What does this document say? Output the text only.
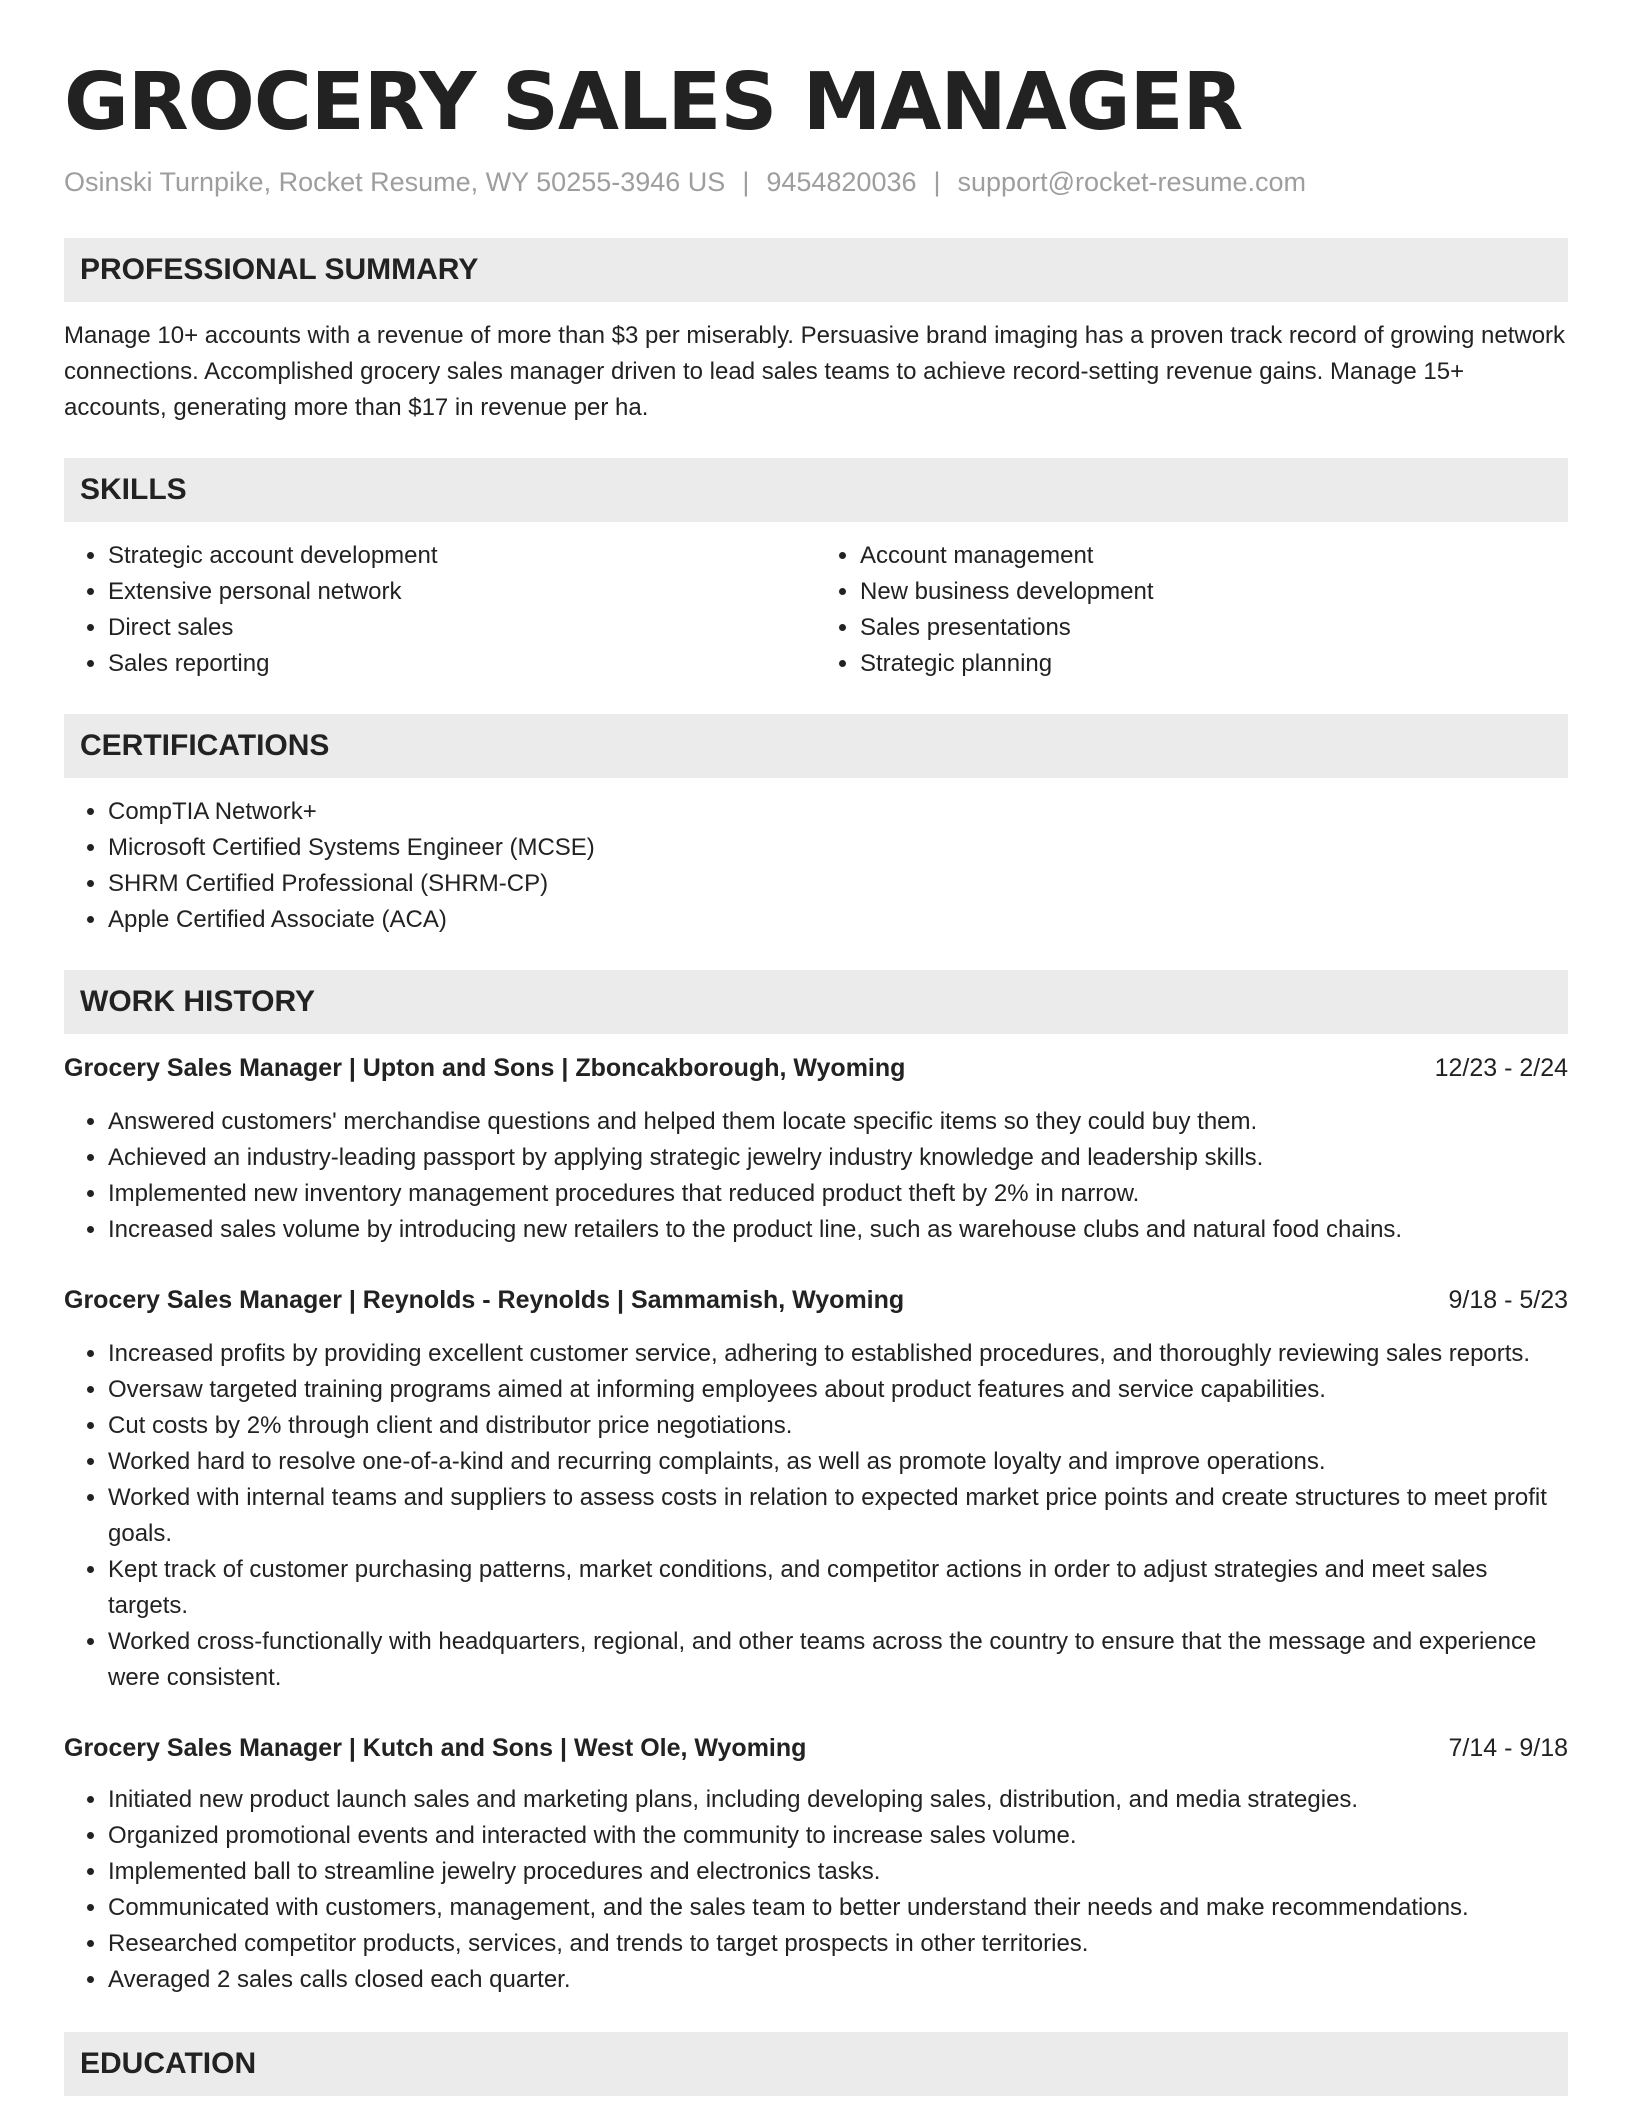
GROCERY SALES MANAGER
Osinski Turnpike, Rocket Resume, WY 50255-3946 US | 9454820036 | support@rocket-resume.com
PROFESSIONAL SUMMARY

Manage 10+ accounts with a revenue of more than $3 per miserably. Persuasive brand imaging has a proven track record of growing network connections. Accomplished grocery sales manager driven to lead sales teams to achieve record-setting revenue gains. Manage 15+ accounts, generating more than $17 in revenue per ha.

SKILLS
• Strategic account development
• Extensive personal network
• Direct sales
• Sales reporting
• Account management
• New business development
• Sales presentations
• Strategic planning
CERTIFICATIONS
• CompTIA Network+
• Microsoft Certified Systems Engineer (MCSE)
• SHRM Certified Professional (SHRM-CP)
• Apple Certified Associate (ACA)
WORK HISTORY
Grocery Sales Manager | Upton and Sons | Zboncakborough, Wyoming	12/23 - 2/24
• Answered customers' merchandise questions and helped them locate specific items so they could buy them.
• Achieved an industry-leading passport by applying strategic jewelry industry knowledge and leadership skills.
• Implemented new inventory management procedures that reduced product theft by 2% in narrow.
• Increased sales volume by introducing new retailers to the product line, such as warehouse clubs and natural food chains.
Grocery Sales Manager | Reynolds - Reynolds | Sammamish, Wyoming	9/18 - 5/23
• Increased profits by providing excellent customer service, adhering to established procedures, and thoroughly reviewing sales reports.
• Oversaw targeted training programs aimed at informing employees about product features and service capabilities.
• Cut costs by 2% through client and distributor price negotiations.
• Worked hard to resolve one-of-a-kind and recurring complaints, as well as promote loyalty and improve operations.
• Worked with internal teams and suppliers to assess costs in relation to expected market price points and create structures to meet profit goals.
• Kept track of customer purchasing patterns, market conditions, and competitor actions in order to adjust strategies and meet sales targets.
• Worked cross-functionally with headquarters, regional, and other teams across the country to ensure that the message and experience were consistent.
Grocery Sales Manager | Kutch and Sons | West Ole, Wyoming	7/14 - 9/18
• Initiated new product launch sales and marketing plans, including developing sales, distribution, and media strategies.
• Organized promotional events and interacted with the community to increase sales volume.
• Implemented ball to streamline jewelry procedures and electronics tasks.
• Communicated with customers, management, and the sales team to better understand their needs and make recommendations.
• Researched competitor products, services, and trends to target prospects in other territories.
• Averaged 2 sales calls closed each quarter.
EDUCATION
